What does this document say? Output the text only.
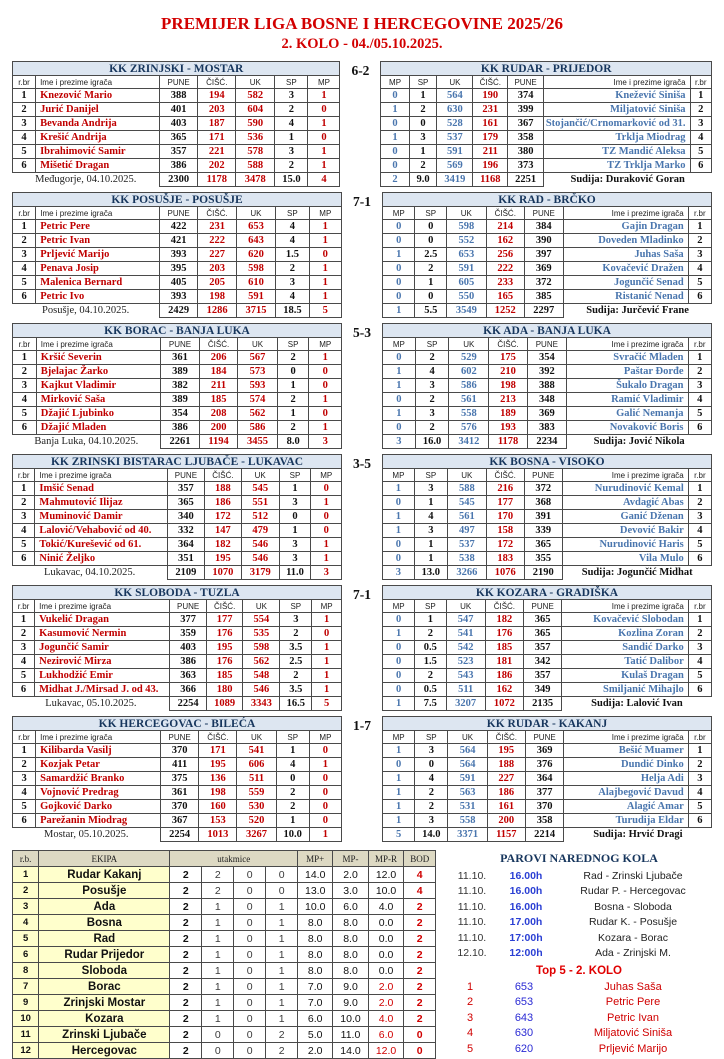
PREMIJER LIGA BOSNE I HERCEGOVINE 2025/26
2. KOLO - 04./05.10.2025.
KK ZRINJSKI - MOSTAR						
r.br	Ime i prezime igrača	PUNE	ČIŠĆ.	UK	SP	MP
1	Knezović Mario	388	194	582	3	1
2	Jurić Danijel	401	203	604	2	0
3	Bevanda Andrija	403	187	590	4	1
4	Krešić Andrija	365	171	536	1	0
5	Ibrahimović Samir	357	221	578	3	1
6	Mišetić Dragan	386	202	588	2	1
Međugorje, 04.10.2025.		2300	1178	3478	15.0	4
6-2	KK RUDAR - PRIJEDOR						
MP	SP	UK	ČIŠĆ.	PUNE	Ime i prezime igrača	r.br
0	1	564	190	374	Knežević Siniša	1
1	2	630	231	399	Miljatović Siniša	2
0	0	528	161	367	Stojančić/Crnomarković od 31.	3
1	3	537	179	358	Trklja Miodrag	4
0	1	591	211	380	TZ Mandić Aleksa	5
0	2	569	196	373	TZ Trklja Marko	6
2	9.0	3419	1168	2251	Sudija: Duraković Goran	
KK POSUŠJE - POSUŠJE						
r.br	Ime i prezime igrača	PUNE	ČIŠĆ.	UK	SP	MP
1	Petric Pere	422	231	653	4	1
2	Petric Ivan	421	222	643	4	1
3	Prljević Marijo	393	227	620	1.5	0
4	Penava Josip	395	203	598	2	1
5	Malenica Bernard	405	205	610	3	1
6	Petric Ivo	393	198	591	4	1
Posušje, 04.10.2025.		2429	1286	3715	18.5	5
7-1	KK RAD - BRČKO						
MP	SP	UK	ČIŠĆ.	PUNE	Ime i prezime igrača	r.br
0	0	598	214	384	Gajin Dragan	1
0	0	552	162	390	Doveden Mladinko	2
1	2.5	653	256	397	Juhas Saša	3
0	2	591	222	369	Kovačević Dražen	4
0	1	605	233	372	Jogunčić Senad	5
0	0	550	165	385	Ristanić Nenad	6
1	5.5	3549	1252	2297	Sudija: Jurčević Frane	
KK BORAC - BANJA LUKA						
r.br	Ime i prezime igrača	PUNE	ČIŠĆ.	UK	SP	MP
1	Kršić Severin	361	206	567	2	1
2	Bjelajac Žarko	389	184	573	0	0
3	Kajkut Vladimir	382	211	593	1	0
4	Mirković Saša	389	185	574	2	1
5	Džajić Ljubinko	354	208	562	1	0
6	Džajić Mladen	386	200	586	2	1
Banja Luka, 04.10.2025.		2261	1194	3455	8.0	3
5-3	KK ADA - BANJA LUKA						
MP	SP	UK	ČIŠĆ.	PUNE	Ime i prezime igrača	r.br
0	2	529	175	354	Svračić Mladen	1
1	4	602	210	392	Paštar Đorđe	2
1	3	586	198	388	Šukalo Dragan	3
0	2	561	213	348	Ramić Vladimir	4
1	3	558	189	369	Galić Nemanja	5
0	2	576	193	383	Novaković Boris	6
3	16.0	3412	1178	2234	Sudija: Jović Nikola	
KK ZRINSKI BISTARAC LJUBAČE - LUKAVAC						
r.br	Ime i prezime igrača	PUNE	ČIŠĆ.	UK	SP	MP
1	Imšić Senad	357	188	545	1	0
2	Mahmutović Ilijaz	365	186	551	3	1
3	Muminović Damir	340	172	512	0	0
4	Lalović/Vehabović od 40.	332	147	479	1	0
5	Tokić/Kurešević od 61.	364	182	546	3	1
6	Ninić Željko	351	195	546	3	1
Lukavac, 04.10.2025.		2109	1070	3179	11.0	3
3-5	KK BOSNA - VISOKO						
MP	SP	UK	ČIŠĆ.	PUNE	Ime i prezime igrača	r.br
1	3	588	216	372	Nurudinović Kemal	1
0	1	545	177	368	Avdagić Abas	2
1	4	561	170	391	Ganić Dženan	3
1	3	497	158	339	Devović Bakir	4
0	1	537	172	365	Nurudinović Haris	5
0	1	538	183	355	Vila Mulo	6
3	13.0	3266	1076	2190	Sudija: Jogunčić Midhat	
KK SLOBODA - TUZLA						
r.br	Ime i prezime igrača	PUNE	ČIŠĆ.	UK	SP	MP
1	Vukelić Dragan	377	177	554	3	1
2	Kasumović Nermin	359	176	535	2	0
3	Jogunčić Samir	403	195	598	3.5	1
4	Nezirović Mirza	386	176	562	2.5	1
5	Lukhodžić Emir	363	185	548	2	1
6	Midhat J./Mirsad J. od 43.	366	180	546	3.5	1
Lukavac, 05.10.2025.		2254	1089	3343	16.5	5
7-1	KK KOZARA - GRADIŠKA						
MP	SP	UK	ČIŠĆ.	PUNE	Ime i prezime igrača	r.br
0	1	547	182	365	Kovačević Slobodan	1
1	2	541	176	365	Kozlina Zoran	2
0	0.5	542	185	357	Sandić Darko	3
0	1.5	523	181	342	Tatić Dalibor	4
0	2	543	186	357	Kulaš Dragan	5
0	0.5	511	162	349	Smiljanić Mihajlo	6
1	7.5	3207	1072	2135	Sudija: Lalović Ivan	
KK HERCEGOVAC - BILEĆA						
r.br	Ime i prezime igrača	PUNE	ČIŠĆ.	UK	SP	MP
1	Kilibarda Vasilj	370	171	541	1	0
2	Kozjak Petar	411	195	606	4	1
3	Samardžić Branko	375	136	511	0	0
4	Vojnović Predrag	361	198	559	2	0
5	Gojković Darko	370	160	530	2	0
6	Parežanin Miodrag	367	153	520	1	0
Mostar, 05.10.2025.		2254	1013	3267	10.0	1
1-7	KK RUDAR - KAKANJ						
MP	SP	UK	ČIŠĆ.	PUNE	Ime i prezime igrača	r.br
1	3	564	195	369	Bešić Muamer	1
0	0	564	188	376	Dundić Dinko	2
1	4	591	227	364	Helja Adi	3
1	2	563	186	377	Alajbegović Davud	4
1	2	531	161	370	Alagić Amar	5
1	3	558	200	358	Turudija Eldar	6
5	14.0	3371	1157	2214	Sudija: Hrvić Dragi	
r.b.	EKIPA	utakmice				MP+	MP-	MP-R	BOD
1	Rudar Kakanj	2	2	0	0	14.0	2.0	12.0	4
2	Posušje	2	2	0	0	13.0	3.0	10.0	4
3	Ada	2	1	0	1	10.0	6.0	4.0	2
4	Bosna	2	1	0	1	8.0	8.0	0.0	2
5	Rad	2	1	0	1	8.0	8.0	0.0	2
6	Rudar Prijedor	2	1	0	1	8.0	8.0	0.0	2
8	Sloboda	2	1	0	1	8.0	8.0	0.0	2
7	Borac	2	1	0	1	7.0	9.0	2.0	2
9	Zrinjski Mostar	2	1	0	1	7.0	9.0	2.0	2
10	Kozara	2	1	0	1	6.0	10.0	4.0	2
11	Zrinski Ljubače	2	0	0	2	5.0	11.0	6.0	0
12	Hercegovac	2	0	0	2	2.0	14.0	12.0	0
PAROVI NAREDNOG KOLA
11.10.	16.00h	Rad - Zrinski Ljubače
11.10.	16.00h	Rudar P. - Hercegovac
11.10.	16.00h	Bosna - Sloboda
11.10.	17.00h	Rudar K. - Posušje
11.10.	17:00h	Kozara - Borac
12.10.	12:00h	Ada - Zrinjski M.
Top 5 - 2. KOLO
1	653	Juhas Saša
2	653	Petric Pere
3	643	Petric Ivan
4	630	Miljatović Siniša
5	620	Prljević Marijo
